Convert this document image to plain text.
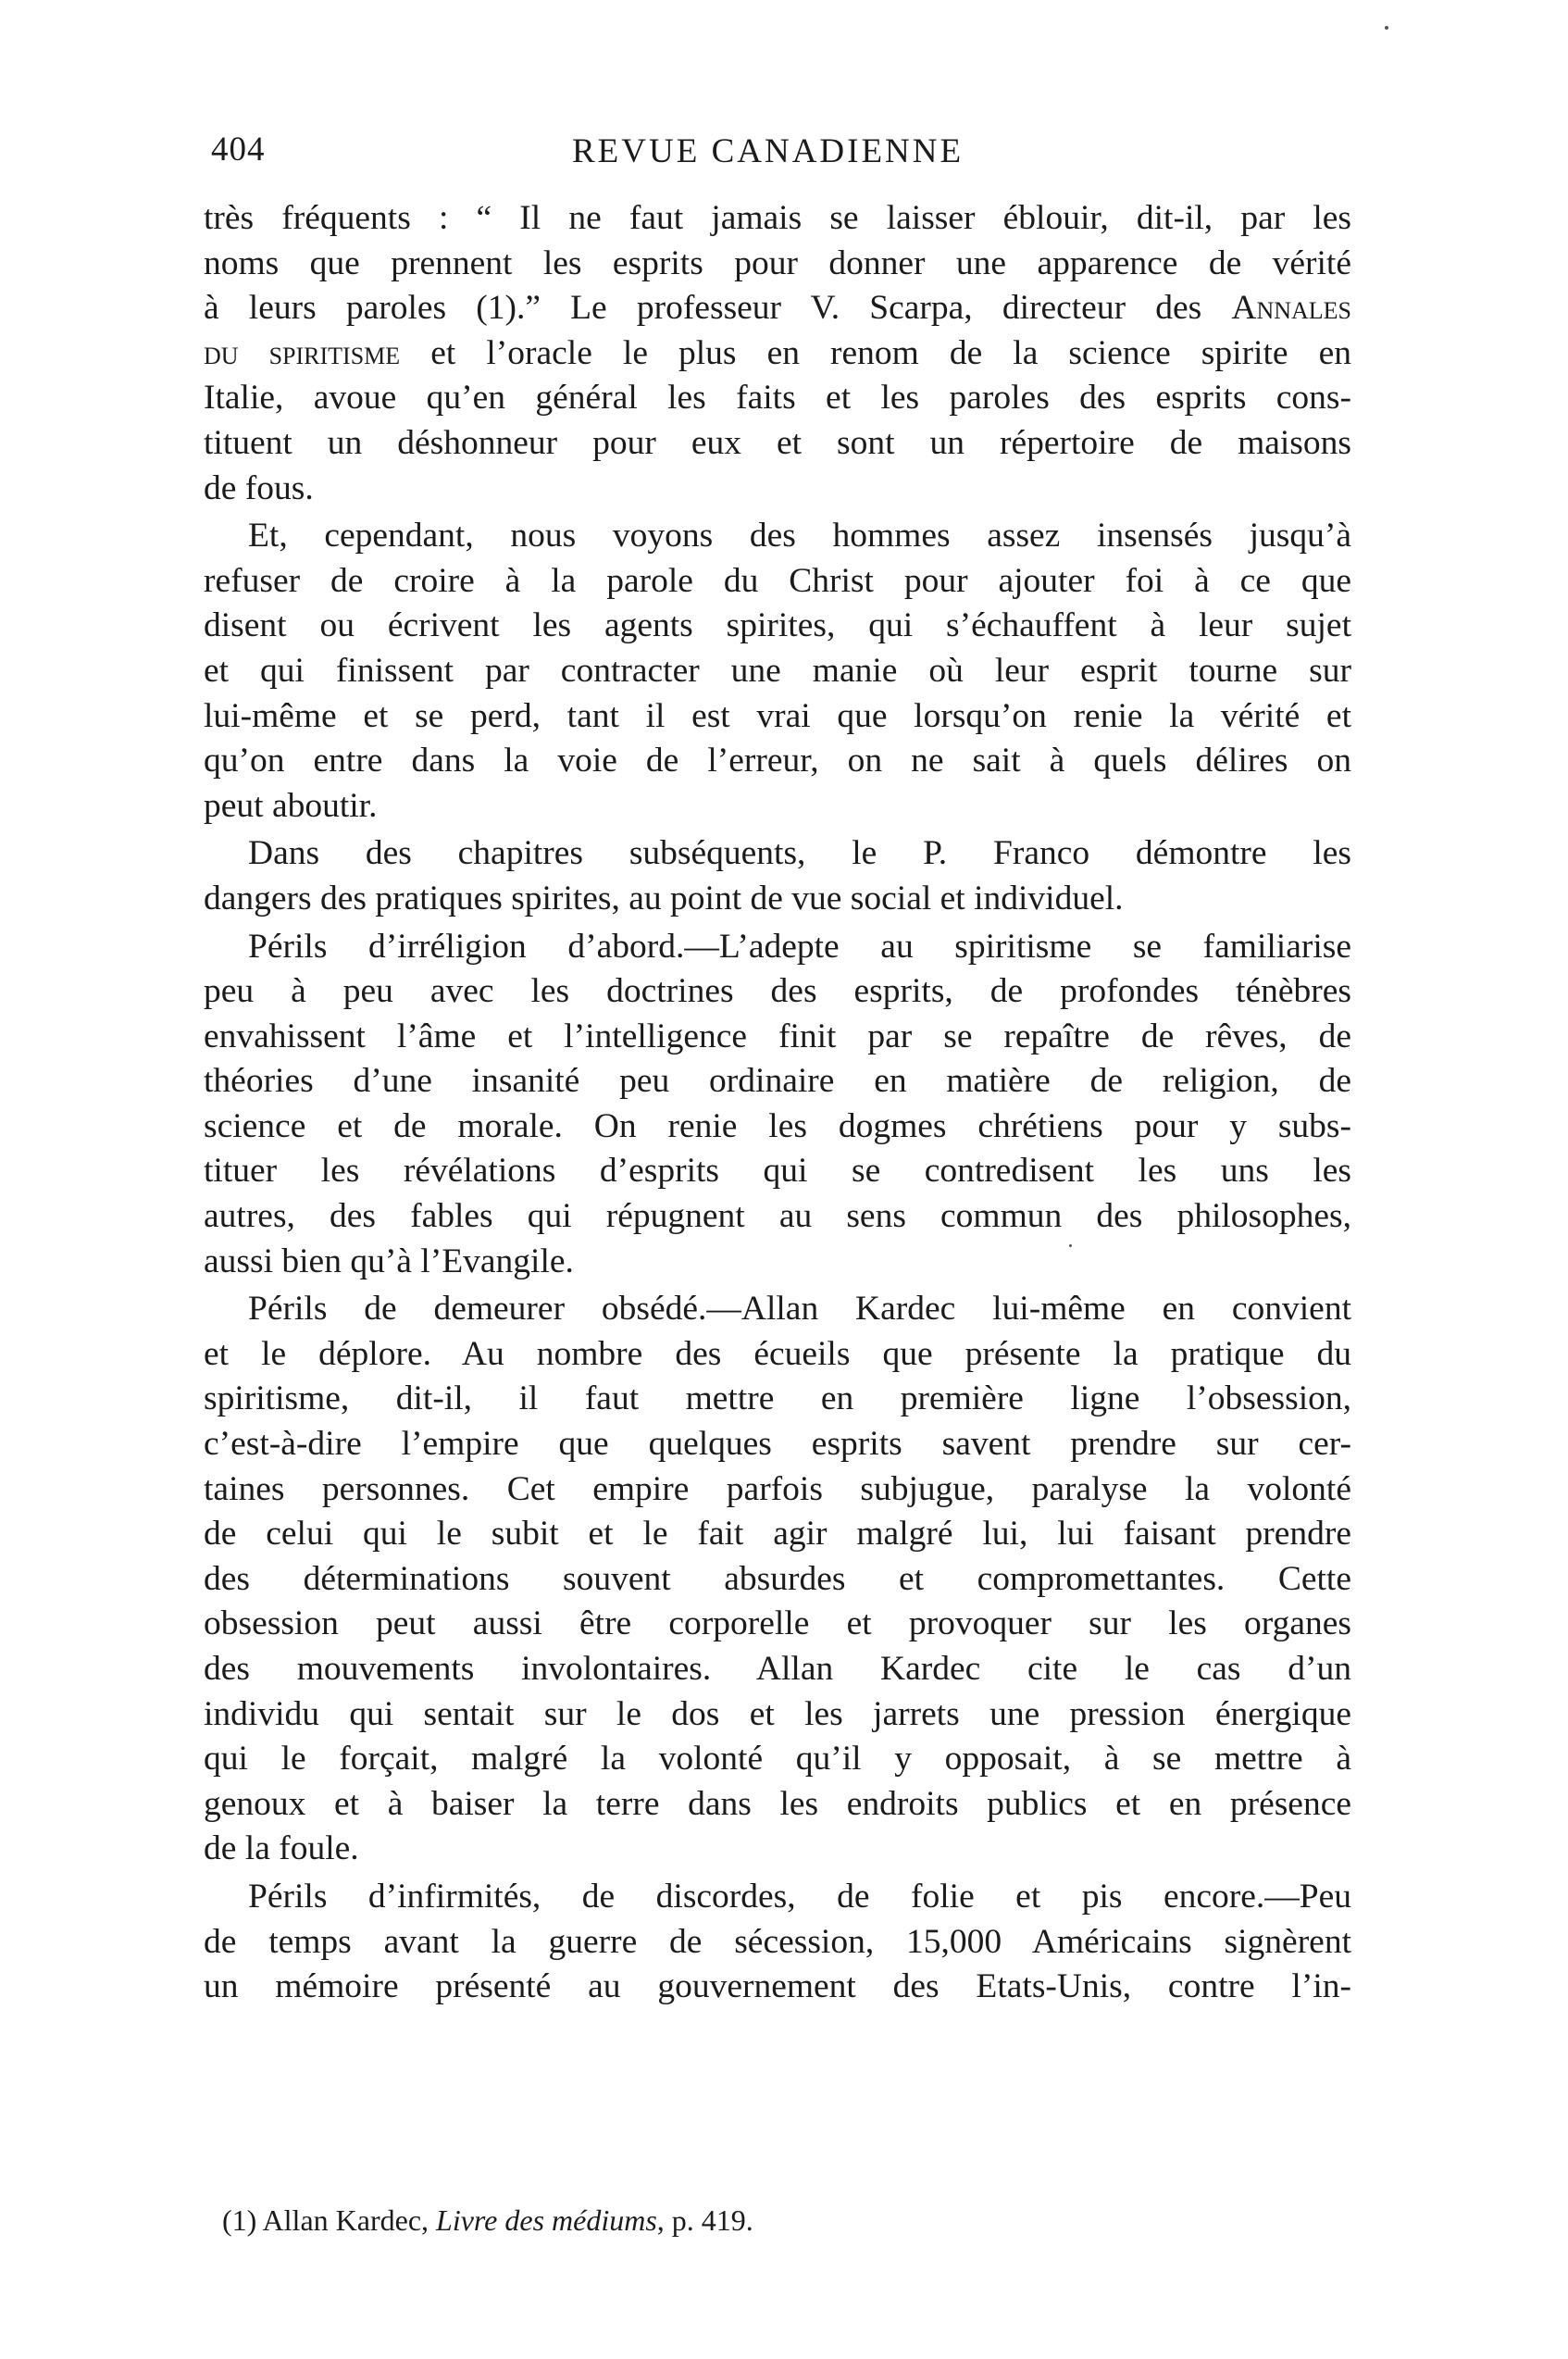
404	REVUE CANADIENNE
très fréquents : “ Il ne faut jamais se laisser éblouir, dit-il, par les
noms que prennent les esprits pour donner une apparence de vérité
à leurs paroles (1).” Le professeur V. Scarpa, directeur des Annales
du spiritisme et l’oracle le plus en renom de la science spirite en
Italie, avoue qu’en général les faits et les paroles des esprits cons-
tituent un déshonneur pour eux et sont un répertoire de maisons
de fous.
Et, cependant, nous voyons des hommes assez insensés jusqu’à
refuser de croire à la parole du Christ pour ajouter foi à ce que
disent ou écrivent les agents spirites, qui s’échauffent à leur sujet
et qui finissent par contracter une manie où leur esprit tourne sur
lui-même et se perd, tant il est vrai que lorsqu’on renie la vérité et
qu’on entre dans la voie de l’erreur, on ne sait à quels délires on
peut aboutir.
Dans des chapitres subséquents, le P. Franco démontre les
dangers des pratiques spirites, au point de vue social et individuel.
Périls d’irréligion d’abord.—L’adepte au spiritisme se familiarise
peu à peu avec les doctrines des esprits, de profondes ténèbres
envahissent l’âme et l’intelligence finit par se repaître de rêves, de
théories d’une insanité peu ordinaire en matière de religion, de
science et de morale. On renie les dogmes chrétiens pour y subs-
tituer les révélations d’esprits qui se contredisent les uns les
autres, des fables qui répugnent au sens commun des philosophes,
aussi bien qu’à l’Evangile.
Périls de demeurer obsédé.—Allan Kardec lui-même en convient
et le déplore. Au nombre des écueils que présente la pratique du
spiritisme, dit-il, il faut mettre en première ligne l’obsession,
c’est-à-dire l’empire que quelques esprits savent prendre sur cer-
taines personnes. Cet empire parfois subjugue, paralyse la volonté
de celui qui le subit et le fait agir malgré lui, lui faisant prendre
des déterminations souvent absurdes et compromettantes. Cette
obsession peut aussi être corporelle et provoquer sur les organes
des mouvements involontaires. Allan Kardec cite le cas d’un
individu qui sentait sur le dos et les jarrets une pression énergique
qui le forçait, malgré la volonté qu’il y opposait, à se mettre à
genoux et à baiser la terre dans les endroits publics et en présence
de la foule.
Périls d’infirmités, de discordes, de folie et pis encore.—Peu
de temps avant la guerre de sécession, 15,000 Américains signèrent
un mémoire présenté au gouvernement des Etats-Unis, contre l’in-
(1) Allan Kardec, Livre des médiums, p. 419.
